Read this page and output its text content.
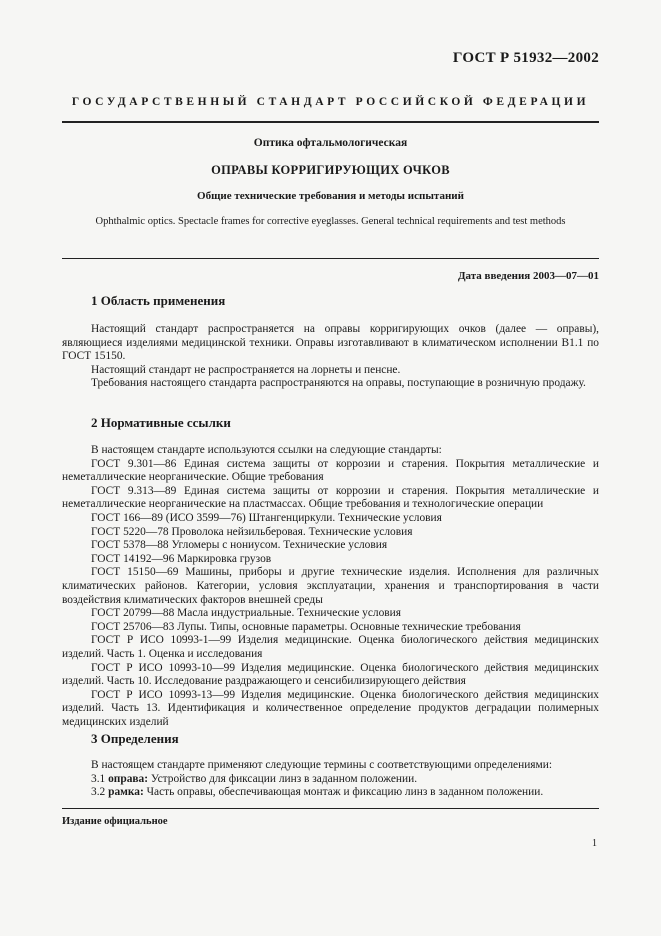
ГОСТ Р 51932—2002
ГОСУДАРСТВЕННЫЙ СТАНДАРТ РОССИЙСКОЙ ФЕДЕРАЦИИ
Оптика офтальмологическая
ОПРАВЫ КОРРИГИРУЮЩИХ ОЧКОВ
Общие технические требования и методы испытаний
Ophthalmic optics. Spectacle frames for corrective eyeglasses. General technical requirements and test methods
Дата введения 2003—07—01
1 Область применения

Настоящий стандарт распространяется на оправы корригирующих очков (далее — оправы), являющиеся изделиями медицинской техники. Оправы изготавливают в климатическом исполнении B1.1 по ГОСТ 15150.

Настоящий стандарт не распространяется на лорнеты и пенсне.

Требования настоящего стандарта распространяются на оправы, поступающие в розничную продажу.

2 Нормативные ссылки

В настоящем стандарте используются ссылки на следующие стандарты:

ГОСТ 9.301—86 Единая система защиты от коррозии и старения. Покрытия металлические и неметаллические неорганические. Общие требования

ГОСТ 9.313—89 Единая система защиты от коррозии и старения. Покрытия металлические и неметаллические неорганические на пластмассах. Общие требования и технологические операции

ГОСТ 166—89 (ИСО 3599—76) Штангенциркули. Технические условия

ГОСТ 5220—78 Проволока нейзильберовая. Технические условия

ГОСТ 5378—88 Угломеры с нониусом. Технические условия

ГОСТ 14192—96 Маркировка грузов

ГОСТ 15150—69 Машины, приборы и другие технические изделия. Исполнения для различных климатических районов. Категории, условия эксплуатации, хранения и транспортирования в части воздействия климатических факторов внешней среды

ГОСТ 20799—88 Масла индустриальные. Технические условия

ГОСТ 25706—83 Лупы. Типы, основные параметры. Основные технические требования

ГОСТ Р ИСО 10993-1—99 Изделия медицинские. Оценка биологического действия медицинских изделий. Часть 1. Оценка и исследования

ГОСТ Р ИСО 10993-10—99 Изделия медицинские. Оценка биологического действия медицинских изделий. Часть 10. Исследование раздражающего и сенсибилизирующего действия

ГОСТ Р ИСО 10993-13—99 Изделия медицинские. Оценка биологического действия медицинских изделий. Часть 13. Идентификация и количественное определение продуктов деградации полимерных медицинских изделий

3 Определения

В настоящем стандарте применяют следующие термины с соответствующими определениями:

3.1 оправа: Устройство для фиксации линз в заданном положении.

3.2 рамка: Часть оправы, обеспечивающая монтаж и фиксацию линз в заданном положении.

Издание официальное
1
